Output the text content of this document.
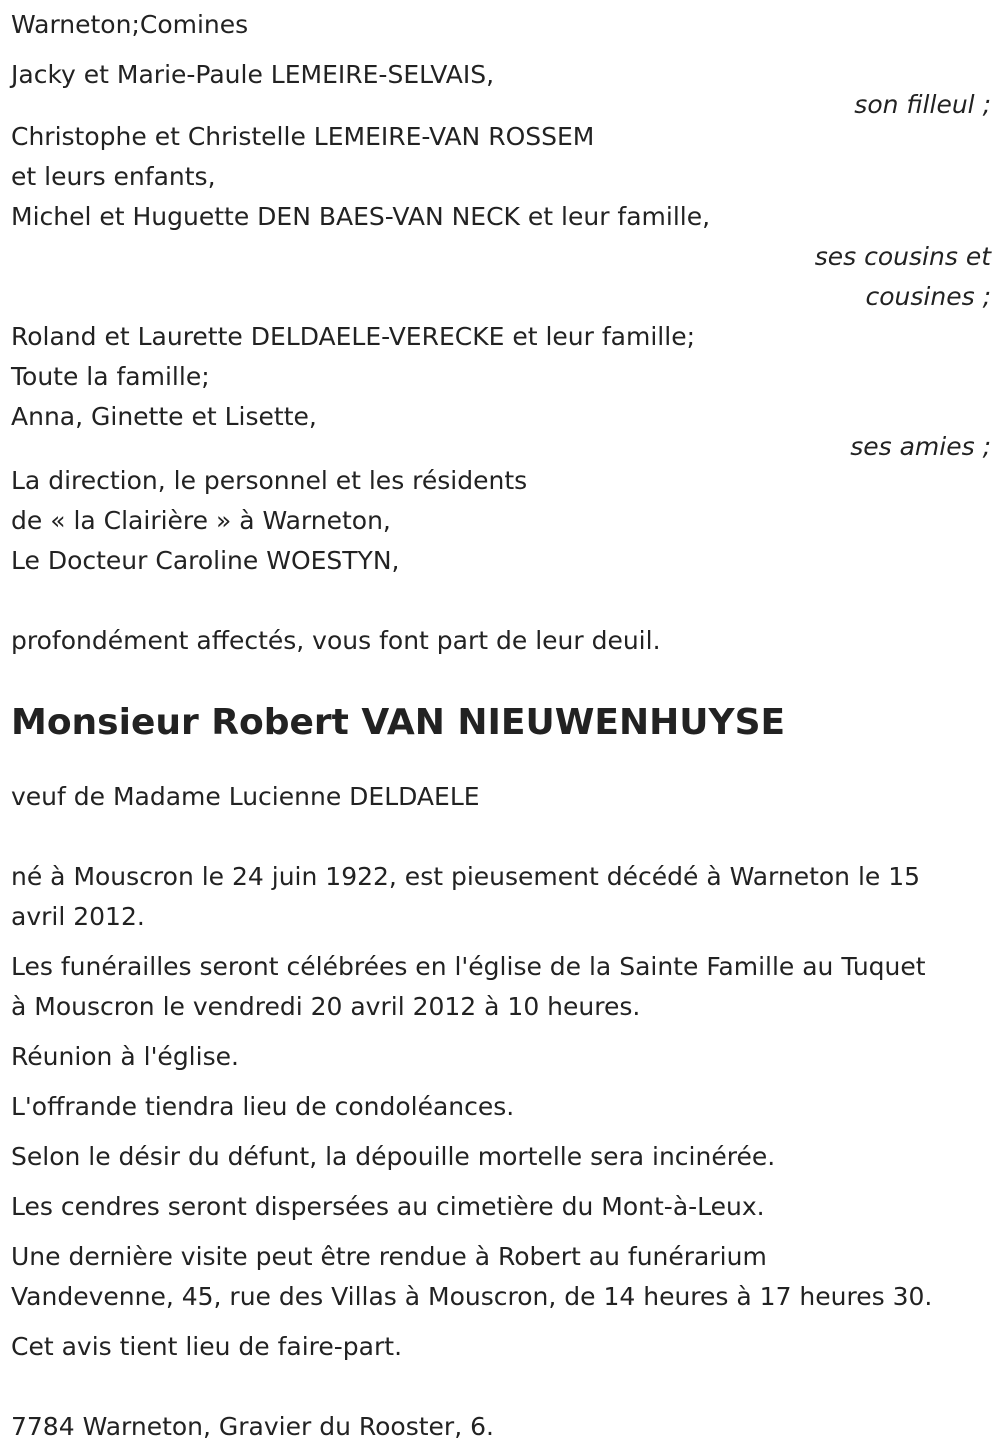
Warneton;Comines
Jacky et Marie-Paule LEMEIRE-SELVAIS,
son filleul ;
Christophe et Christelle LEMEIRE-VAN ROSSEM
et leurs enfants,
Michel et Huguette DEN BAES-VAN NECK et leur famille,
ses cousins et
cousines ;
Roland et Laurette DELDAELE-VERECKE et leur famille;
Toute la famille;
Anna, Ginette et Lisette,
ses amies ;
La direction, le personnel et les résidents
de « la Clairière » à Warneton,
Le Docteur Caroline WOESTYN,
profondément affectés, vous font part de leur deuil.
Monsieur Robert VAN NIEUWENHUYSE
veuf de Madame Lucienne DELDAELE
né à Mouscron le 24 juin 1922, est pieusement décédé à Warneton le 15
avril 2012.
Les funérailles seront célébrées en l'église de la Sainte Famille au Tuquet
à Mouscron le vendredi 20 avril 2012 à 10 heures.
Réunion à l'église.
L'offrande tiendra lieu de condoléances.
Selon le désir du défunt, la dépouille mortelle sera incinérée.
Les cendres seront dispersées au cimetière du Mont-à-Leux.
Une dernière visite peut être rendue à Robert au funérarium
Vandevenne, 45, rue des Villas à Mouscron, de 14 heures à 17 heures 30.
Cet avis tient lieu de faire-part.
7784 Warneton, Gravier du Rooster, 6.
